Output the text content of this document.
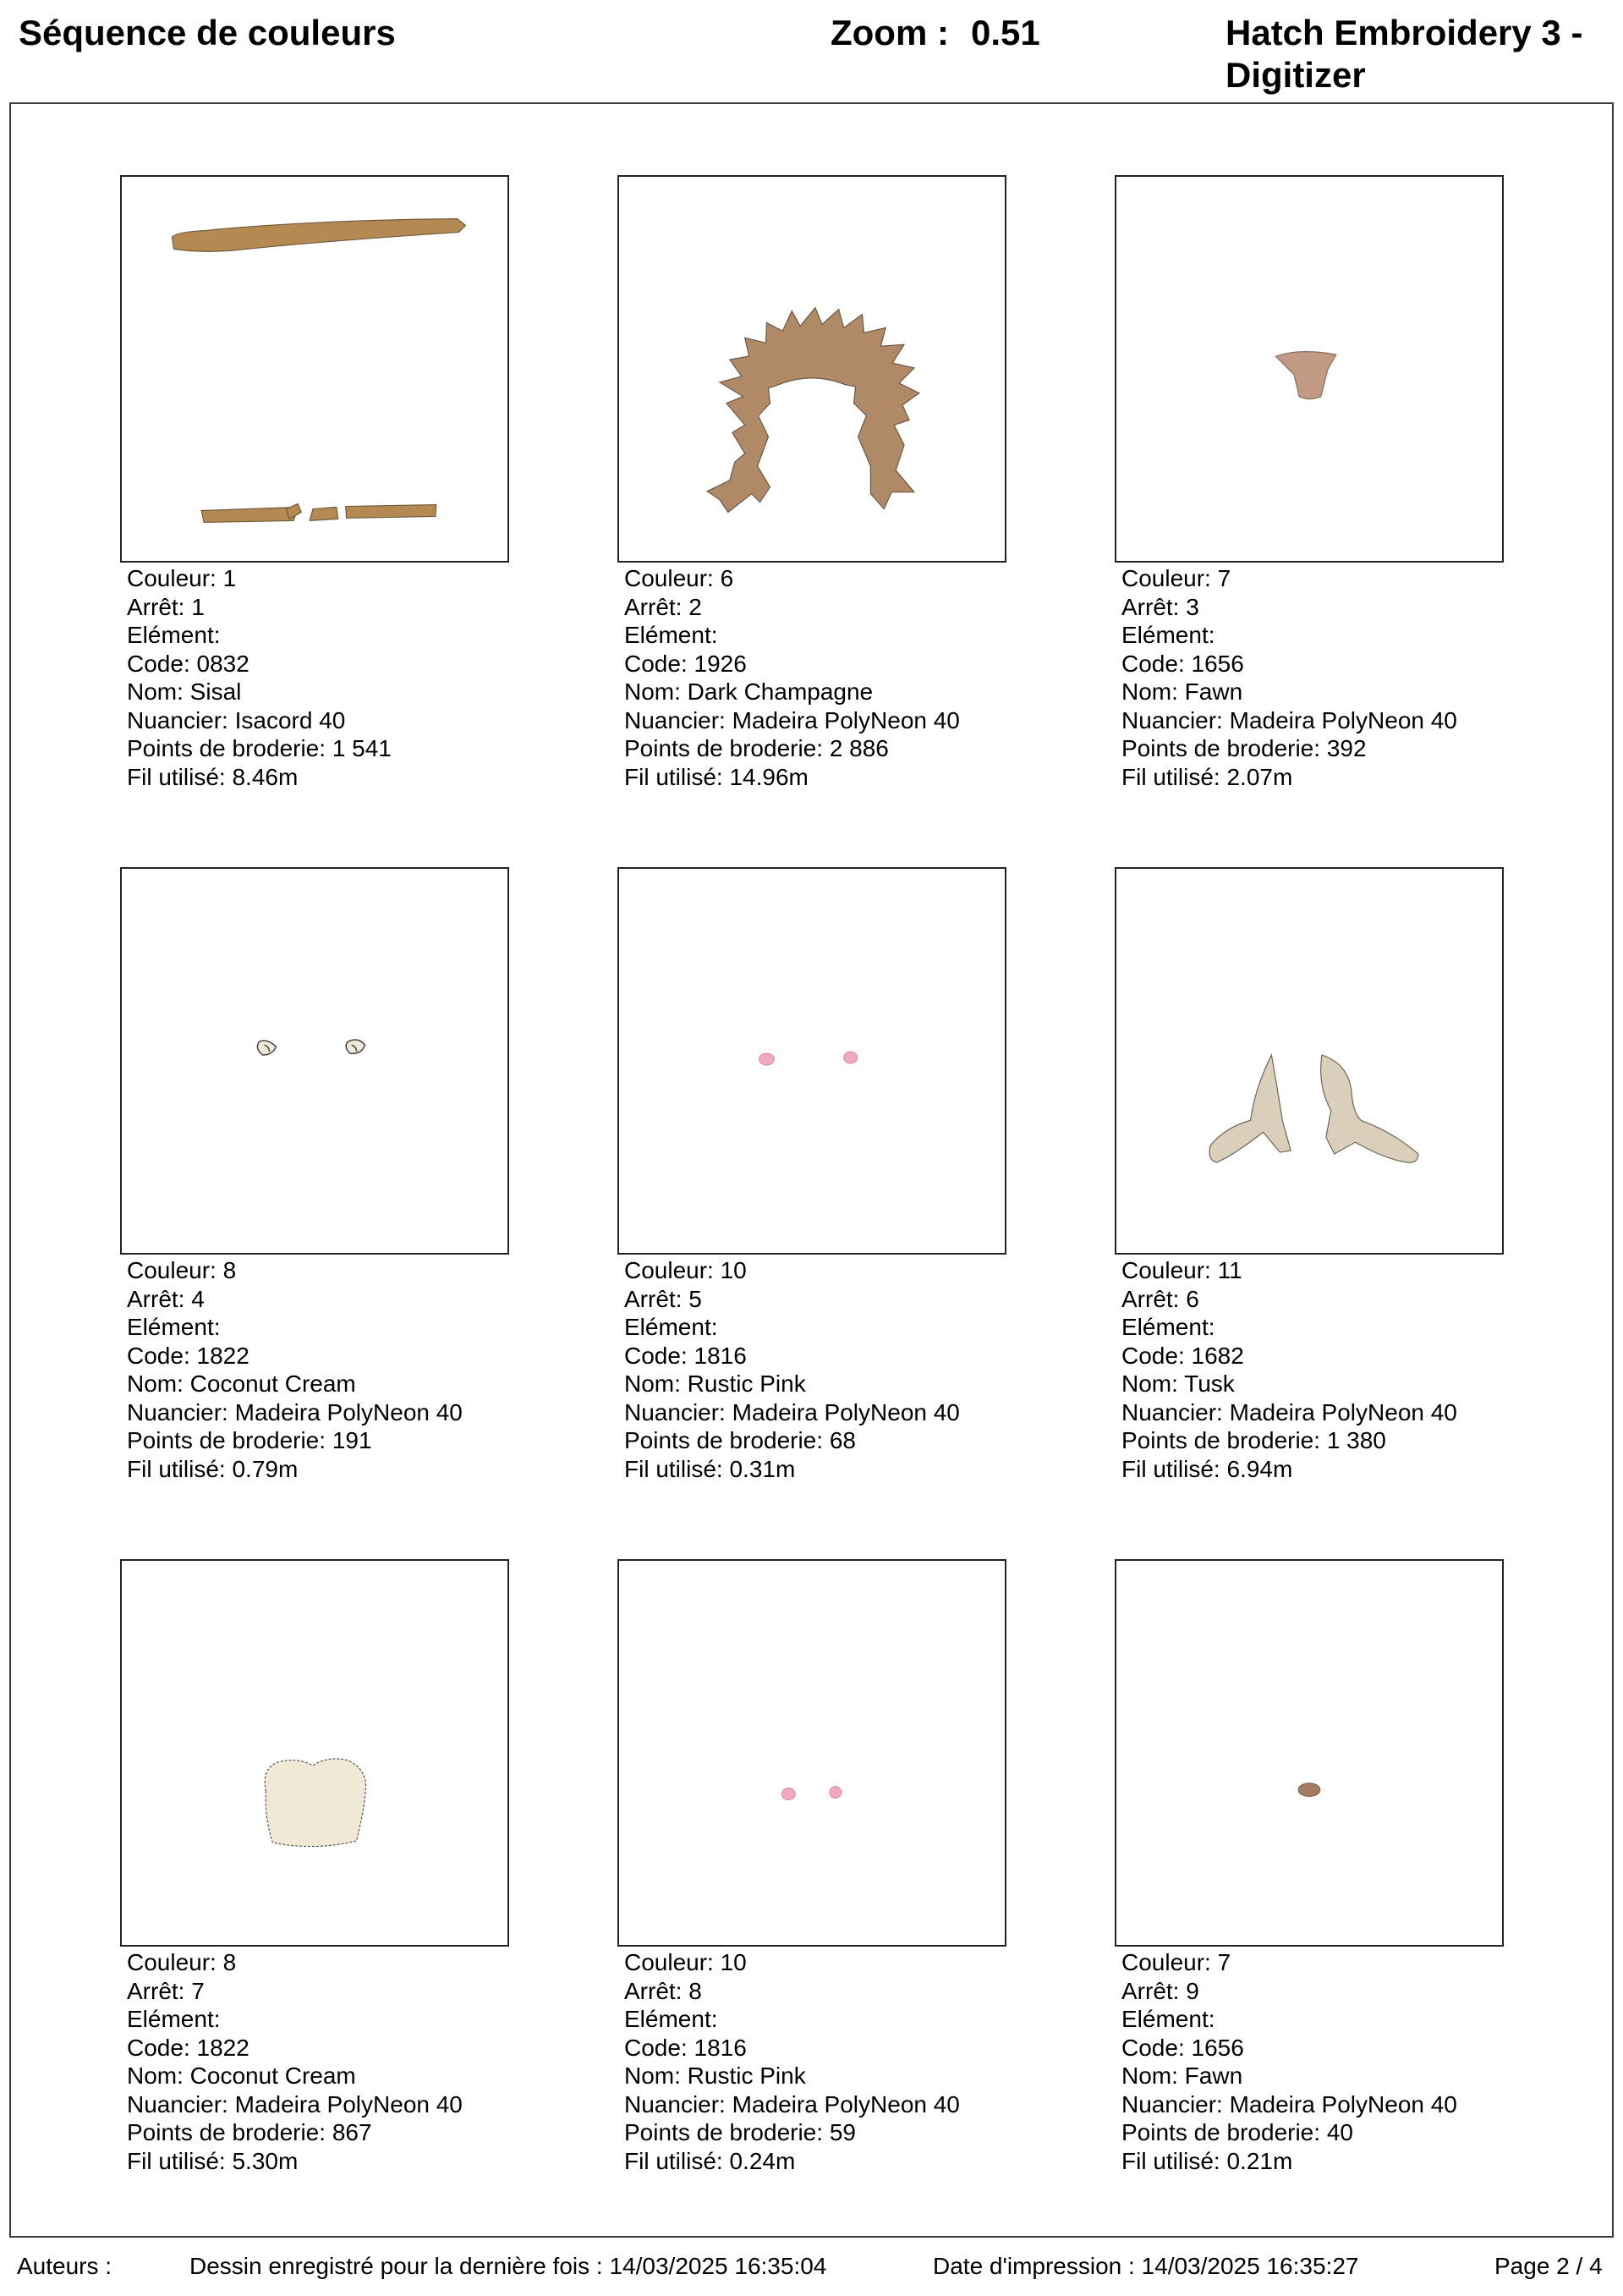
Séquence de couleurs	Zoom : 0.51	Hatch Embroidery 3 -
Digitizer
Couleur: 1
Arrêt: 1
Elément:
Code: 0832
Nom: Sisal
Nuancier: Isacord 40
Points de broderie: 1 541
Fil utilisé: 8.46m
Couleur: 6
Arrêt: 2
Elément:
Code: 1926
Nom: Dark Champagne
Nuancier: Madeira PolyNeon 40
Points de broderie: 2 886
Fil utilisé: 14.96m
Couleur: 7
Arrêt: 3
Elément:
Code: 1656
Nom: Fawn
Nuancier: Madeira PolyNeon 40
Points de broderie: 392
Fil utilisé: 2.07m
Couleur: 8
Arrêt: 4
Elément:
Code: 1822
Nom: Coconut Cream
Nuancier: Madeira PolyNeon 40
Points de broderie: 191
Fil utilisé: 0.79m
Couleur: 10
Arrêt: 5
Elément:
Code: 1816
Nom: Rustic Pink
Nuancier: Madeira PolyNeon 40
Points de broderie: 68
Fil utilisé: 0.31m
Couleur: 11
Arrêt: 6
Elément:
Code: 1682
Nom: Tusk
Nuancier: Madeira PolyNeon 40
Points de broderie: 1 380
Fil utilisé: 6.94m
Couleur: 8
Arrêt: 7
Elément:
Code: 1822
Nom: Coconut Cream
Nuancier: Madeira PolyNeon 40
Points de broderie: 867
Fil utilisé: 5.30m
Couleur: 10
Arrêt: 8
Elément:
Code: 1816
Nom: Rustic Pink
Nuancier: Madeira PolyNeon 40
Points de broderie: 59
Fil utilisé: 0.24m
Couleur: 7
Arrêt: 9
Elément:
Code: 1656
Nom: Fawn
Nuancier: Madeira PolyNeon 40
Points de broderie: 40
Fil utilisé: 0.21m
Auteurs :	Dessin enregistré pour la dernière fois : 14/03/2025 16:35:04	Date d'impression : 14/03/2025 16:35:27	Page 2 / 4
